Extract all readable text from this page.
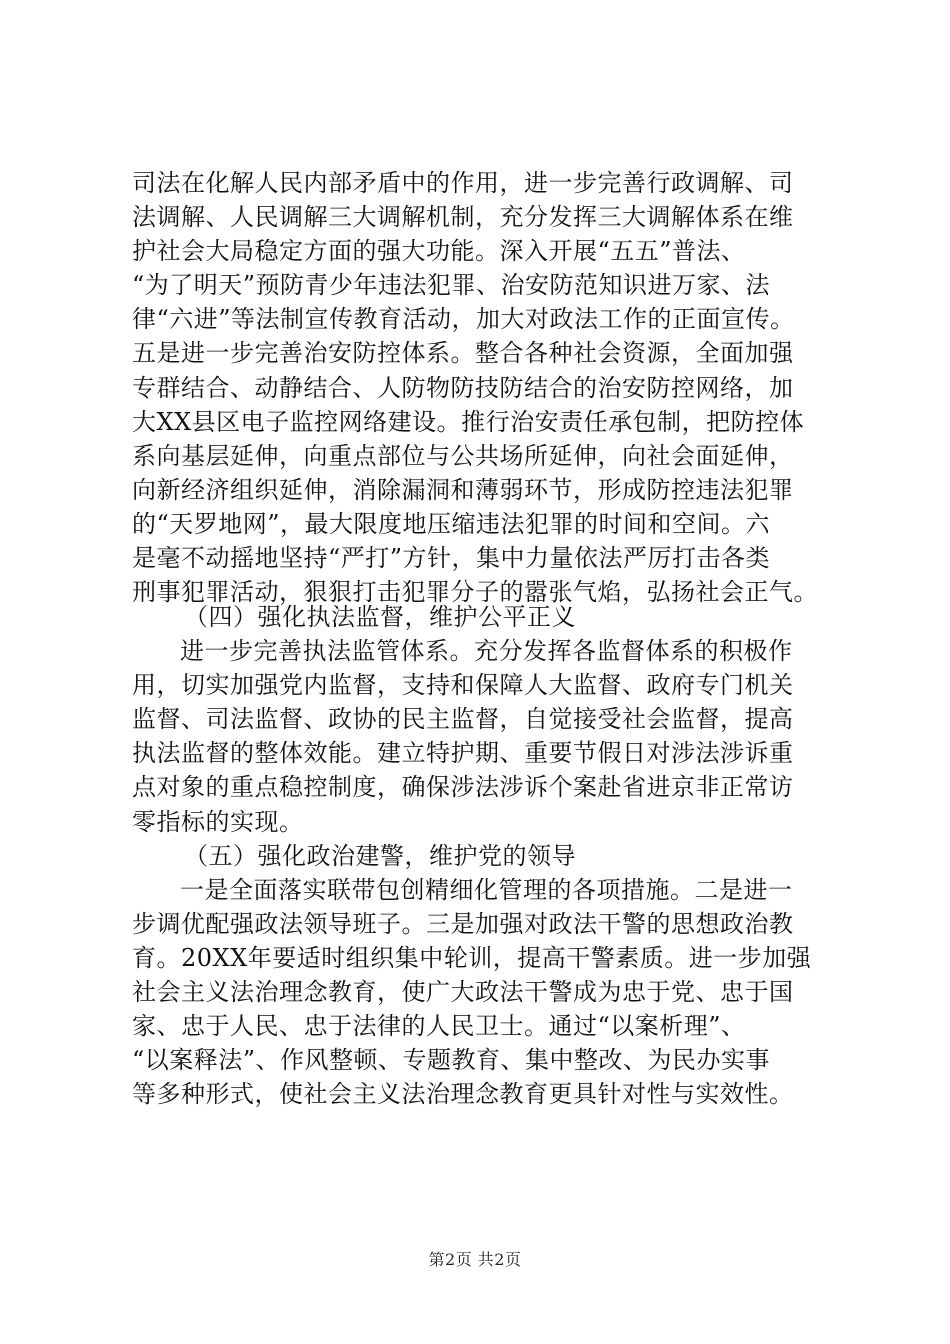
司法在化解人民内部矛盾中的作用，进一步完善行政调解、司
法调解、人民调解三大调解机制，充分发挥三大调解体系在维
护社会大局稳定方面的强大功能。深入开展“五五”普法、
“为了明天”预防青少年违法犯罪、治安防范知识进万家、法
律“六进”等法制宣传教育活动，加大对政法工作的正面宣传。
五是进一步完善治安防控体系。整合各种社会资源，全面加强
专群结合、动静结合、人防物防技防结合的治安防控网络，加
大XX县区电子监控网络建设。推行治安责任承包制，把防控体
系向基层延伸，向重点部位与公共场所延伸，向社会面延伸，
向新经济组织延伸，消除漏洞和薄弱环节，形成防控违法犯罪
的“天罗地网”，最大限度地压缩违法犯罪的时间和空间。六
是毫不动摇地坚持“严打”方针，集中力量依法严厉打击各类
刑事犯罪活动，狠狠打击犯罪分子的嚣张气焰，弘扬社会正气。
（四）强化执法监督，维护公平正义
进一步完善执法监管体系。充分发挥各监督体系的积极作
用，切实加强党内监督，支持和保障人大监督、政府专门机关
监督、司法监督、政协的民主监督，自觉接受社会监督，提高
执法监督的整体效能。建立特护期、重要节假日对涉法涉诉重
点对象的重点稳控制度，确保涉法涉诉个案赴省进京非正常访
零指标的实现。
（五）强化政治建警，维护党的领导
一是全面落实联带包创精细化管理的各项措施。二是进一
步调优配强政法领导班子。三是加强对政法干警的思想政治教
育。20XX年要适时组织集中轮训，提高干警素质。进一步加强
社会主义法治理念教育，使广大政法干警成为忠于党、忠于国
家、忠于人民、忠于法律的人民卫士。通过“以案析理”、
“以案释法”、作风整顿、专题教育、集中整改、为民办实事
等多种形式，使社会主义法治理念教育更具针对性与实效性。
第2页 共2页
